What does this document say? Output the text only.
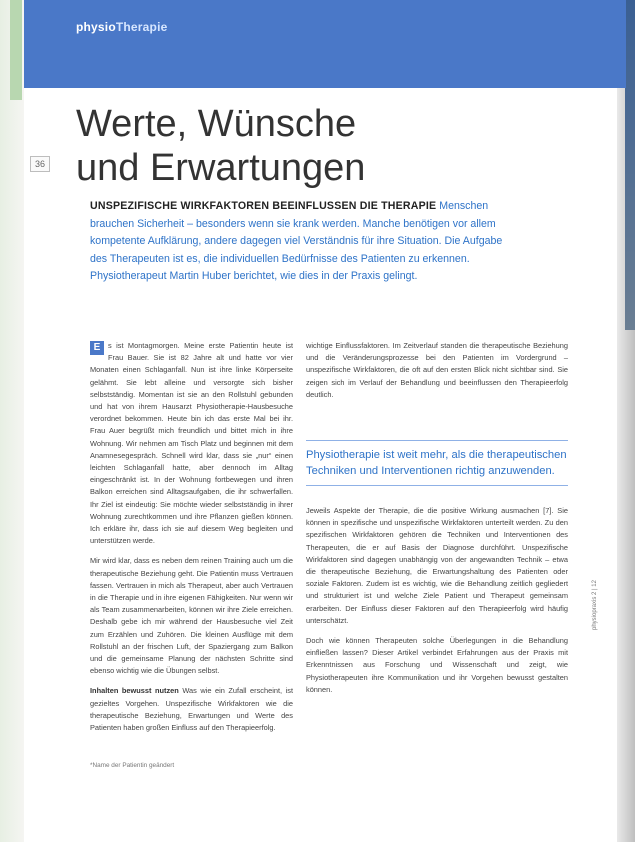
physioTherapie
36
Werte, Wünsche
und Erwartungen
UNSPEZIFISCHE WIRKFAKTOREN BEEINFLUSSEN DIE THERAPIE Menschen brauchen Sicherheit – besonders wenn sie krank werden. Manche benötigen vor allem kompetente Aufklärung, andere dagegen viel Verständnis für ihre Situation. Die Aufgabe des Therapeuten ist es, die individuellen Bedürfnisse des Patienten zu erkennen. Physiotherapeut Martin Huber berichtet, wie dies in der Praxis gelingt.
E	s ist Montagmorgen. Meine erste Patientin heute ist Frau Bauer. Sie ist 82 Jahre alt und hatte vor vier Monaten einen Schlaganfall. Nun ist ihre linke Körperseite gelähmt. Sie lebt alleine und versorgte sich bisher selbstständig. Momentan ist sie an den Rollstuhl gebunden und hat von ihrem Hausarzt Physiotherapie-Hausbesuche verordnet bekommen. Heute bin ich das erste Mal bei ihr. Frau Auer begrüßt mich freundlich und bittet mich in ihre Wohnung. Wir nehmen am Tisch Platz und beginnen mit dem Anamnesegespräch. Schnell wird klar, dass sie „nur“ einen leichten Schlaganfall hatte, aber dennoch im Alltag eingeschränkt ist. In der Wohnung fortbewegen und ihren Balkon erreichen sind Alltagsaufgaben, die ihr schwerfallen. Ihr Ziel ist eindeutig: Sie möchte wieder selbstständig in ihrer Wohnung zurechtkommen und ihre Pflanzen gießen können. Ich erkläre ihr, dass ich sie auf diesem Weg begleiten und unterstützen werde.
Mir wird klar, dass es neben dem reinen Training auch um die therapeutische Beziehung geht. Die Patientin muss Vertrauen fassen. Vertrauen in mich als Therapeut, aber auch Vertrauen in die Therapie und in ihre eigenen Fähigkeiten. Nur wenn wir als Team zusammenarbeiten, können wir ihre Ziele erreichen. Deshalb gebe ich mir während der Hausbesuche viel Zeit zum Erzählen und Zuhören. Die kleinen Ausflüge mit dem Rollstuhl an der frischen Luft, der Spaziergang zum Balkon und die gemeinsame Planung der nächsten Schritte sind ebenso wichtig wie die Übungen selbst.
Inhalten bewusst nutzen Was wie ein Zufall erscheint, ist gezieltes Vorgehen. Unspezifische Wirkfaktoren wie die therapeutische Beziehung, Erwartungen und Werte des Patienten haben großen Einfluss auf den Therapieerfolg.
*Name der Patientin geändert
wichtige Einflussfaktoren. Im Zeitverlauf standen die therapeutische Beziehung und die Veränderungsprozesse bei den Patienten im Vordergrund – unspezifische Wirkfaktoren, die oft auf den ersten Blick nicht sichtbar sind. Sie zeigen sich im Verlauf der Behandlung und beeinflussen den Therapieerfolg deutlich.
Jeweils Aspekte der Therapie, die die positive Wirkung ausmachen [7]. Sie können in spezifische und unspezifische Wirkfaktoren unterteilt werden. Zu den spezifischen Wirkfaktoren gehören die Techniken und Interventionen des Therapeuten, die er auf Basis der Diagnose durchführt. Unspezifische Wirkfaktoren sind dagegen unabhängig von der angewandten Technik – etwa die therapeutische Beziehung, die Erwartungshaltung des Patienten oder soziale Faktoren. Zudem ist es wichtig, wie die Behandlung zeitlich gegliedert und strukturiert ist und welche Ziele Patient und Therapeut gemeinsam erarbeiten. Der Einfluss dieser Faktoren auf den Therapieerfolg wird häufig unterschätzt.
Doch wie können Therapeuten solche Überlegungen in die Behandlung einfließen lassen? Dieser Artikel verbindet Erfahrungen aus der Praxis mit Erkenntnissen aus Forschung und Wissenschaft und zeigt, wie Physiotherapeuten ihre Kommunikation und ihr Vorgehen bewusst gestalten können.
Physiotherapie ist weit mehr, als die therapeutischen Techniken und Interventionen richtig anzuwenden.
physiopraxis 2 | 12
